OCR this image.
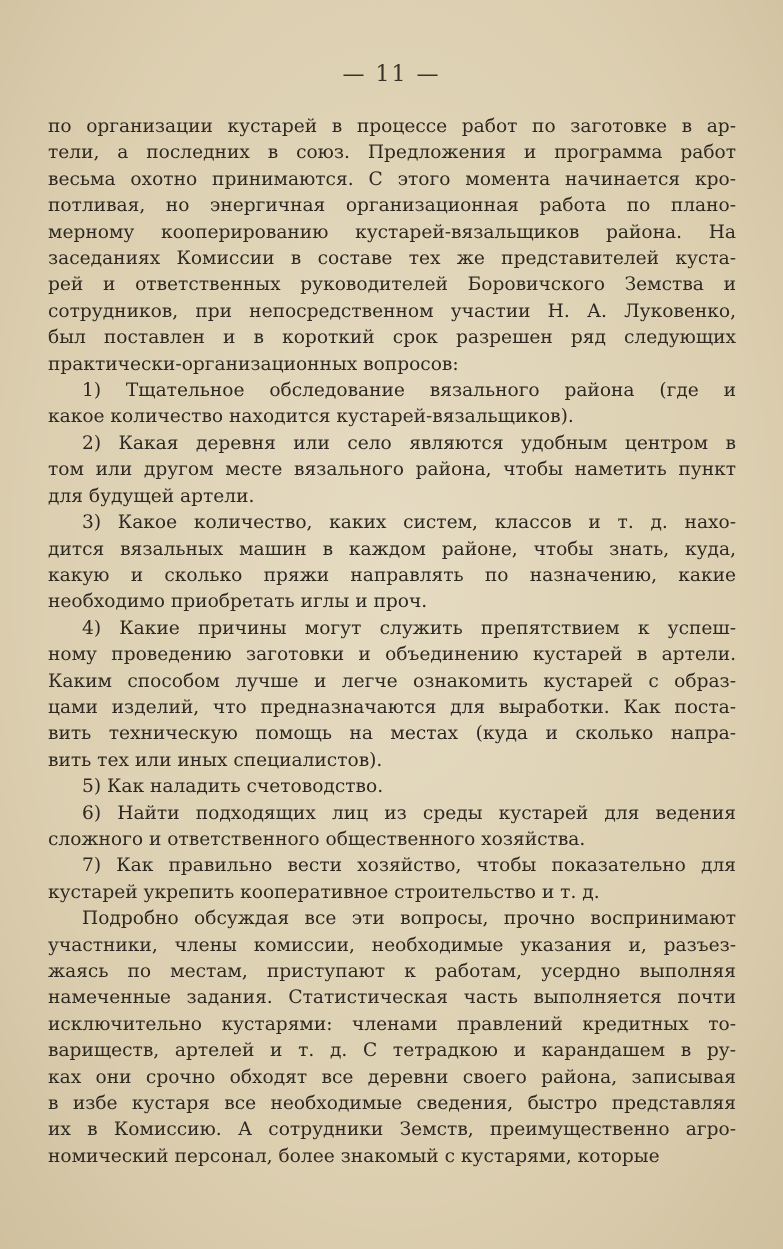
— 11 —
по организации кустарей в процессе работ по заготовке в ар-
тели, а последних в союз. Предложения и программа работ
весьма охотно принимаются. С этого момента начинается кро-
потливая, но энергичная организационная работа по плано-
мерному кооперированию кустарей-вязальщиков района. На
заседаниях Комиссии в составе тех же представителей куста-
рей и ответственных руководителей Боровичского Земства и
сотрудников, при непосредственном участии Н. А. Луковенко,
был поставлен и в короткий срок разрешен ряд следующих
практически-организационных вопросов:
1) Тщательное обследование вязального района (где и
какое количество находится кустарей-вязальщиков).
2) Какая деревня или село являются удобным центром в
том или другом месте вязального района, чтобы наметить пункт
для будущей артели.
3) Какое количество, каких систем, классов и т. д. нахо-
дится вязальных машин в каждом районе, чтобы знать, куда,
какую и сколько пряжи направлять по назначению, какие
необходимо приобретать иглы и проч.
4) Какие причины могут служить препятствием к успеш-
ному проведению заготовки и объединению кустарей в артели.
Каким способом лучше и легче ознакомить кустарей с образ-
цами изделий, что предназначаются для выработки. Как поста-
вить техническую помощь на местах (куда и сколько напра-
вить тех или иных специалистов).
5) Как наладить счетоводство.
6) Найти подходящих лиц из среды кустарей для ведения
сложного и ответственного общественного хозяйства.
7) Как правильно вести хозяйство, чтобы показательно для
кустарей укрепить кооперативное строительство и т. д.
Подробно обсуждая все эти вопросы, прочно воспринимают
участники, члены комиссии, необходимые указания и, разъез-
жаясь по местам, приступают к работам, усердно выполняя
намеченные задания. Статистическая часть выполняется почти
исключительно кустарями: членами правлений кредитных то-
вариществ, артелей и т. д. С тетрадкою и карандашем в ру-
ках они срочно обходят все деревни своего района, записывая
в избе кустаря все необходимые сведения, быстро представляя
их в Комиссию. А сотрудники Земств, преимущественно агро-
номический персонал, более знакомый с кустарями, которые
